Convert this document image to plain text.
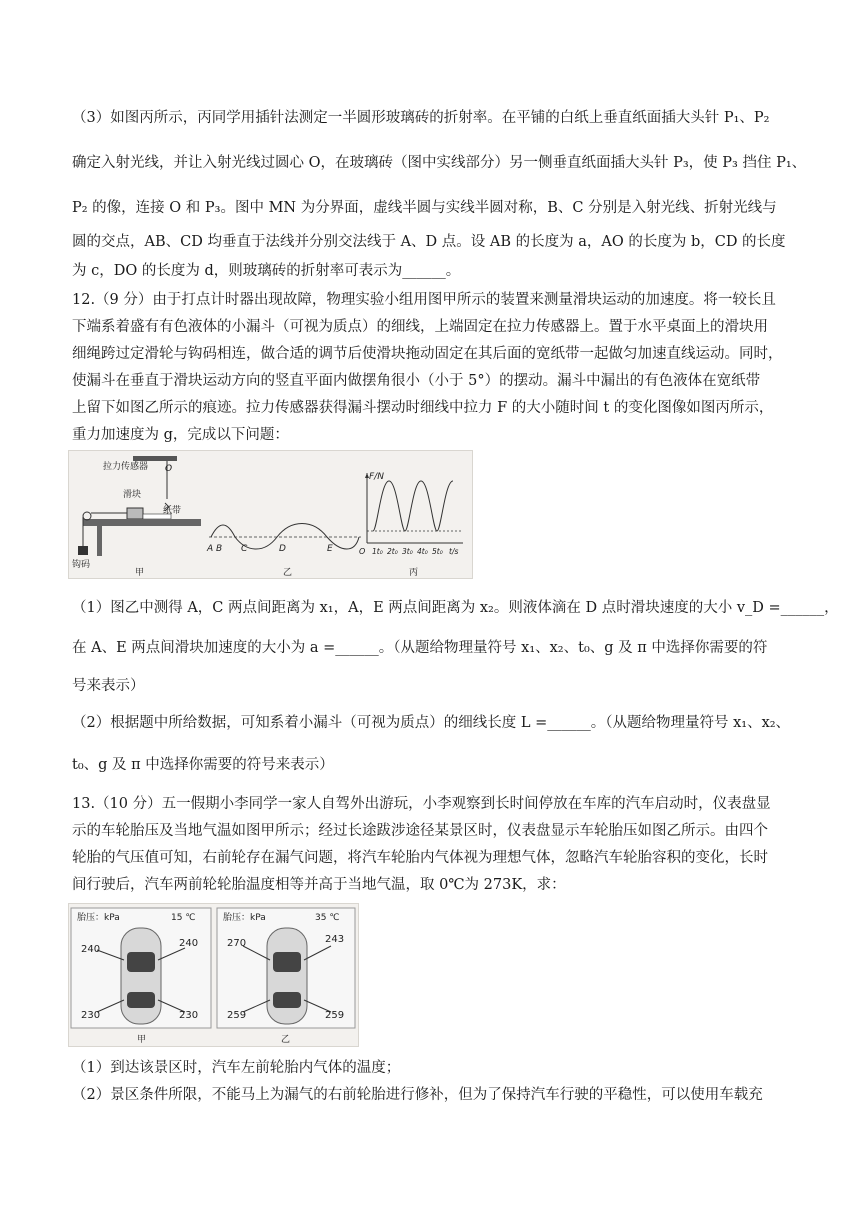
（3）如图丙所示，丙同学用插针法测定一半圆形玻璃砖的折射率。在平铺的白纸上垂直纸面插大头针 P₁、P₂
确定入射光线，并让入射光线过圆心 O，在玻璃砖（图中实线部分）另一侧垂直纸面插大头针 P₃，使 P₃ 挡住 P₁、
P₂ 的像，连接 O 和 P₃。图中 MN 为分界面，虚线半圆与实线半圆对称，B、C 分别是入射光线、折射光线与
圆的交点，AB、CD 均垂直于法线并分别交法线于 A、D 点。设 AB 的长度为 a，AO 的长度为 b，CD 的长度
为 c，DO 的长度为 d，则玻璃砖的折射率可表示为______。
12.（9 分）由于打点计时器出现故障，物理实验小组用图甲所示的装置来测量滑块运动的加速度。将一较长且
下端系着盛有有色液体的小漏斗（可视为质点）的细线，上端固定在拉力传感器上。置于水平桌面上的滑块用
细绳跨过定滑轮与钩码相连，做合适的调节后使滑块拖动固定在其后面的宽纸带一起做匀加速直线运动。同时，
使漏斗在垂直于滑块运动方向的竖直平面内做摆角很小（小于 5°）的摆动。漏斗中漏出的有色液体在宽纸带
上留下如图乙所示的痕迹。拉力传感器获得漏斗摆动时细线中拉力 F 的大小随时间 t 的变化图像如图丙所示，
重力加速度为 g，完成以下问题：
拉力传感器 O
滑块
纸带
钩码
甲
A B C	D	E
乙
F/N
O 1t₀ 2t₀ 3t₀ 4t₀ 5t₀ t/s
丙
（1）图乙中测得 A，C 两点间距离为 x₁，A，E 两点间距离为 x₂。则液体滴在 D 点时滑块速度的大小 v_D =______，
在 A、E 两点间滑块加速度的大小为 a =______。（从题给物理量符号 x₁、x₂、t₀、g 及 π 中选择你需要的符
号来表示）
（2）根据题中所给数据，可知系着小漏斗（可视为质点）的细线长度 L =______。（从题给物理量符号 x₁、x₂、
t₀、g 及 π 中选择你需要的符号来表示）
13.（10 分）五一假期小李同学一家人自驾外出游玩，小李观察到长时间停放在车库的汽车启动时，仪表盘显
示的车轮胎压及当地气温如图甲所示；经过长途跋涉途径某景区时，仪表盘显示车轮胎压如图乙所示。由四个
轮胎的气压值可知，右前轮存在漏气问题，将汽车轮胎内气体视为理想气体，忽略汽车轮胎容积的变化，长时
间行驶后，汽车两前轮轮胎温度相等并高于当地气温，取 0℃为 273K，求：
胎压：kPa	15 ℃
240
240
230	230
甲
胎压：kPa	35 ℃
270	243
259	259
乙
（1）到达该景区时，汽车左前轮胎内气体的温度；
（2）景区条件所限，不能马上为漏气的右前轮胎进行修补，但为了保持汽车行驶的平稳性，可以使用车载充
